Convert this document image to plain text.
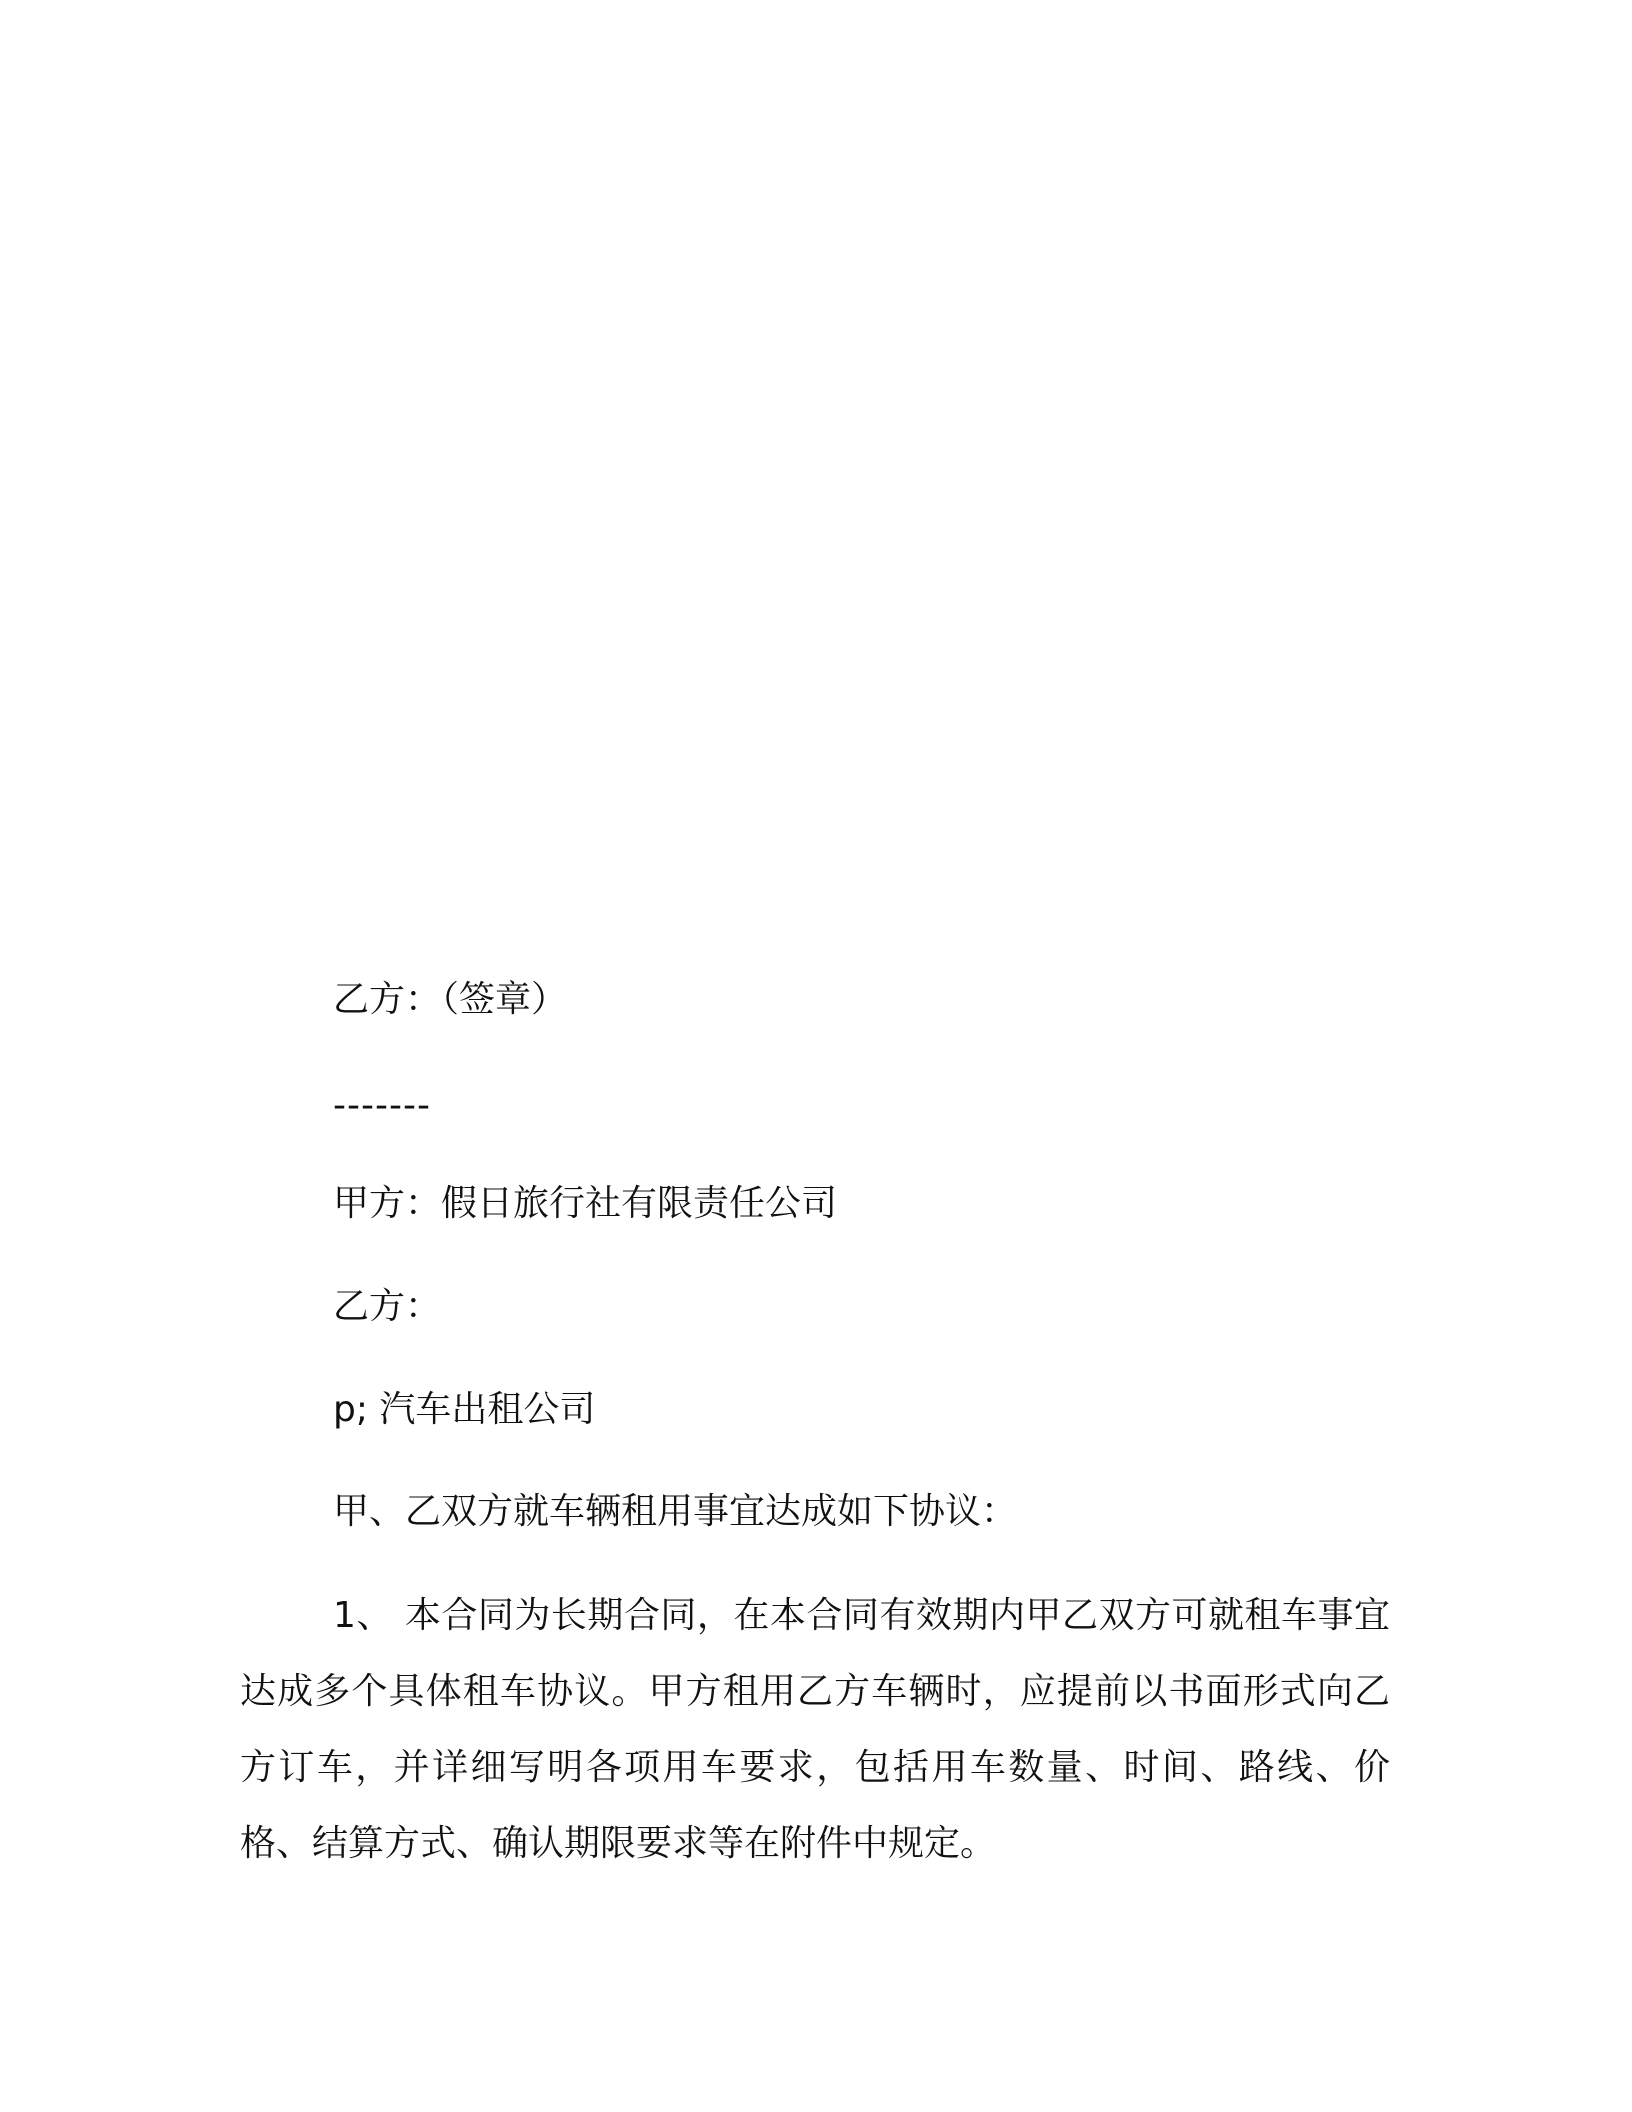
乙方：（签章）
-------
甲方：假日旅行社有限责任公司
乙方：
p; 汽车出租公司
甲、乙双方就车辆租用事宜达成如下协议：
1、 本合同为长期合同，在本合同有效期内甲乙双方可就租车事宜达成多个具体租车协议。甲方租用乙方车辆时，应提前以书面形式向乙方订车，并详细写明各项用车要求，包括用车数量、时间、路线、价格、结算方式、确认期限要求等在附件中规定。
